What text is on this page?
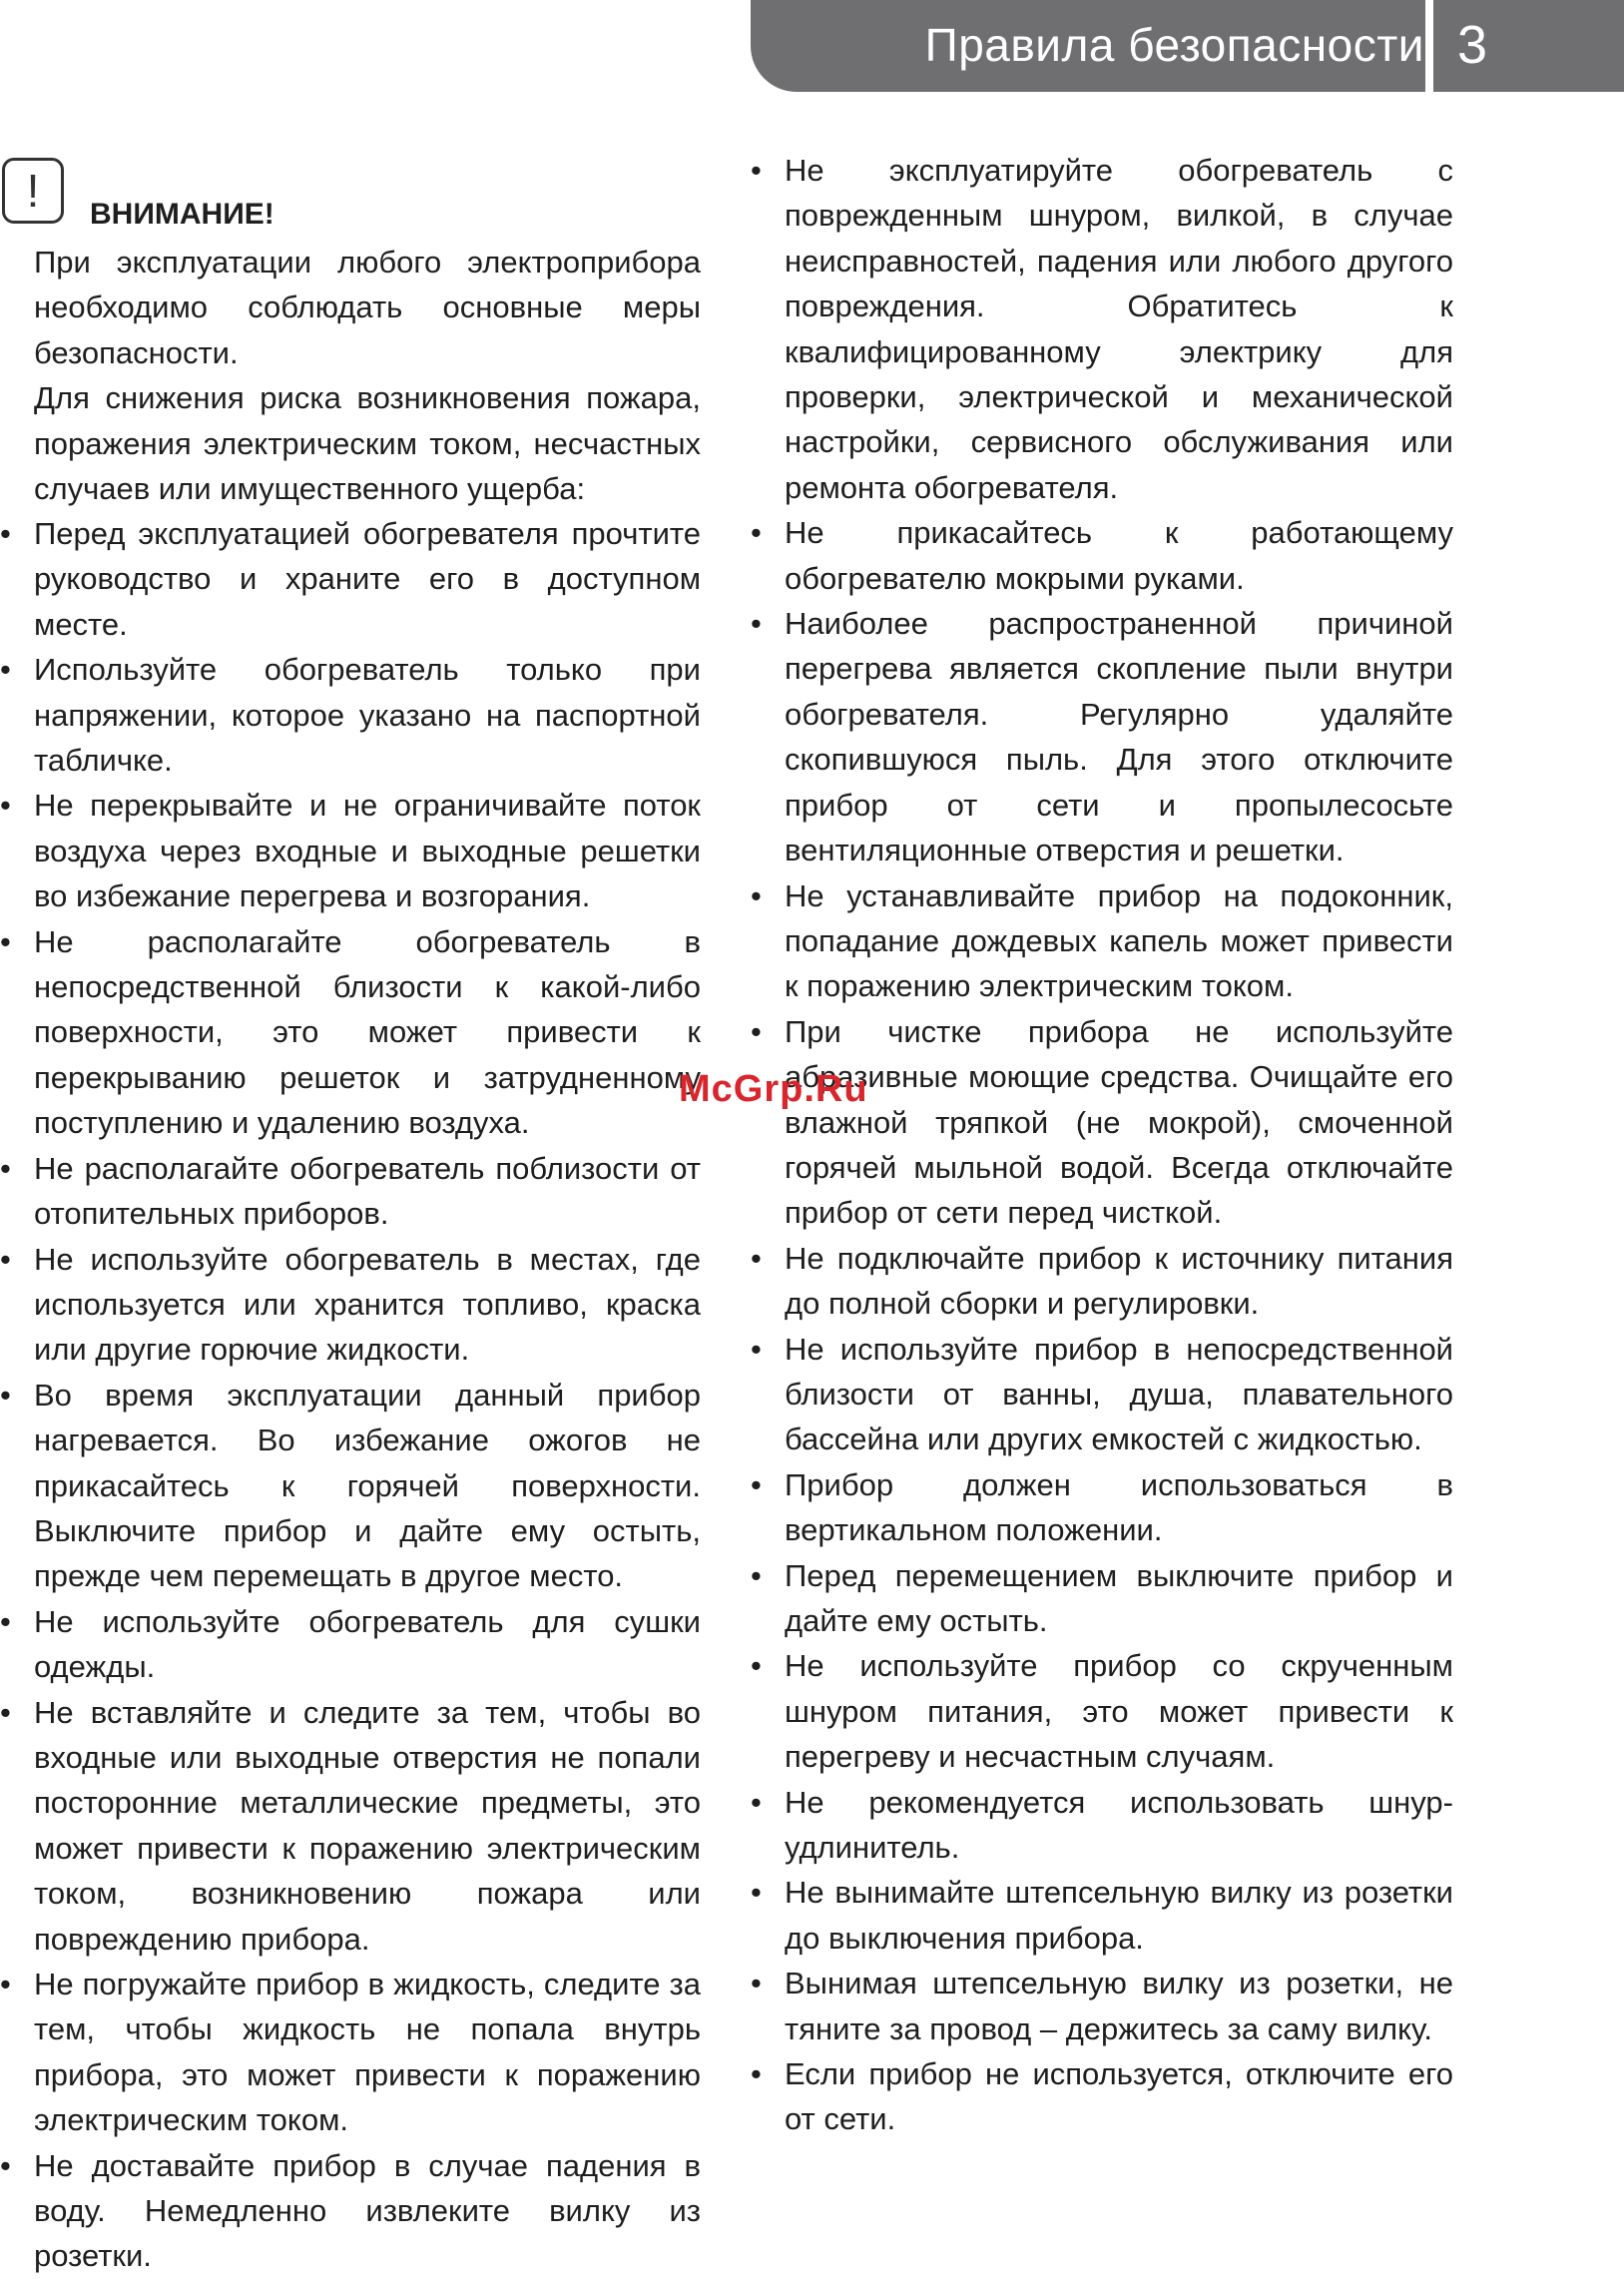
Правила безопасности 3
!	ВНИМАНИЕ!

При эксплуатации любого электроприбора необходимо соблюдать основные меры безопасности.

Для снижения риска возникновения пожара, поражения электрическим током, несчастных случаев или имущественного ущерба:

• Перед эксплуатацией обогревателя прочтите руководство и храните его в доступном месте.
• Используйте обогреватель только при напряжении, которое указано на паспортной табличке.
• Не перекрывайте и не ограничивайте поток воздуха через входные и выходные решетки во избежание перегрева и возгорания.
• Не располагайте обогреватель в непосредственной близости к какой-либо поверхности, это может привести к перекрыванию решеток и затрудненному поступлению и удалению воздуха.
• Не располагайте обогреватель поблизости от отопительных приборов.
• Не используйте обогреватель в местах, где используется или хранится топливо, краска или другие горючие жидкости.
• Во время эксплуатации данный прибор нагревается. Во избежание ожогов не прикасайтесь к горячей поверхности. Выключите прибор и дайте ему остыть, прежде чем перемещать в другое место.
• Не используйте обогреватель для сушки одежды.
• Не вставляйте и следите за тем, чтобы во входные или выходные отверстия не попали посторонние металлические предметы, это может привести к поражению электрическим током, возникновению пожара или повреждению прибора.
• Не погружайте прибор в жидкость, следите за тем, чтобы жидкость не попала внутрь прибора, это может привести к поражению электрическим током.
• Не доставайте прибор в случае падения в воду. Немедленно извлеките вилку из розетки.
• Не эксплуатируйте обогреватель с поврежденным шнуром, вилкой, в случае неисправностей, падения или любого другого повреждения. Обратитесь к квалифицированному электрику для проверки, электрической и механической настройки, сервисного обслуживания или ремонта обогревателя.
• Не прикасайтесь к работающему обогревателю мокрыми руками.
• Наиболее распространенной причиной перегрева является скопление пыли внутри обогревателя. Регулярно удаляйте скопившуюся пыль. Для этого отключите прибор от сети и пропылесосьте вентиляционные отверстия и решетки.
• Не устанавливайте прибор на подоконник, попадание дождевых капель может привести к поражению электрическим током.
• При чистке прибора не используйте абразивные моющие средства. Очищайте его влажной тряпкой (не мокрой), смоченной горячей мыльной водой. Всегда отключайте прибор от сети перед чисткой.
• Не подключайте прибор к источнику питания до полной сборки и регулировки.
• Не используйте прибор в непосредственной близости от ванны, душа, плавательного бассейна или других емкостей с жидкостью.
• Прибор должен использоваться в вертикальном положении.
• Перед перемещением выключите прибор и дайте ему остыть.
• Не используйте прибор со скрученным шнуром питания, это может привести к перегреву и несчастным случаям.
• Не рекомендуется использовать шнур-удлинитель.
• Не вынимайте штепсельную вилку из розетки до выключения прибора.
• Вынимая штепсельную вилку из розетки, не тяните за провод – держитесь за саму вилку.
• Если прибор не используется, отключите его от сети.
McGrp.Ru
